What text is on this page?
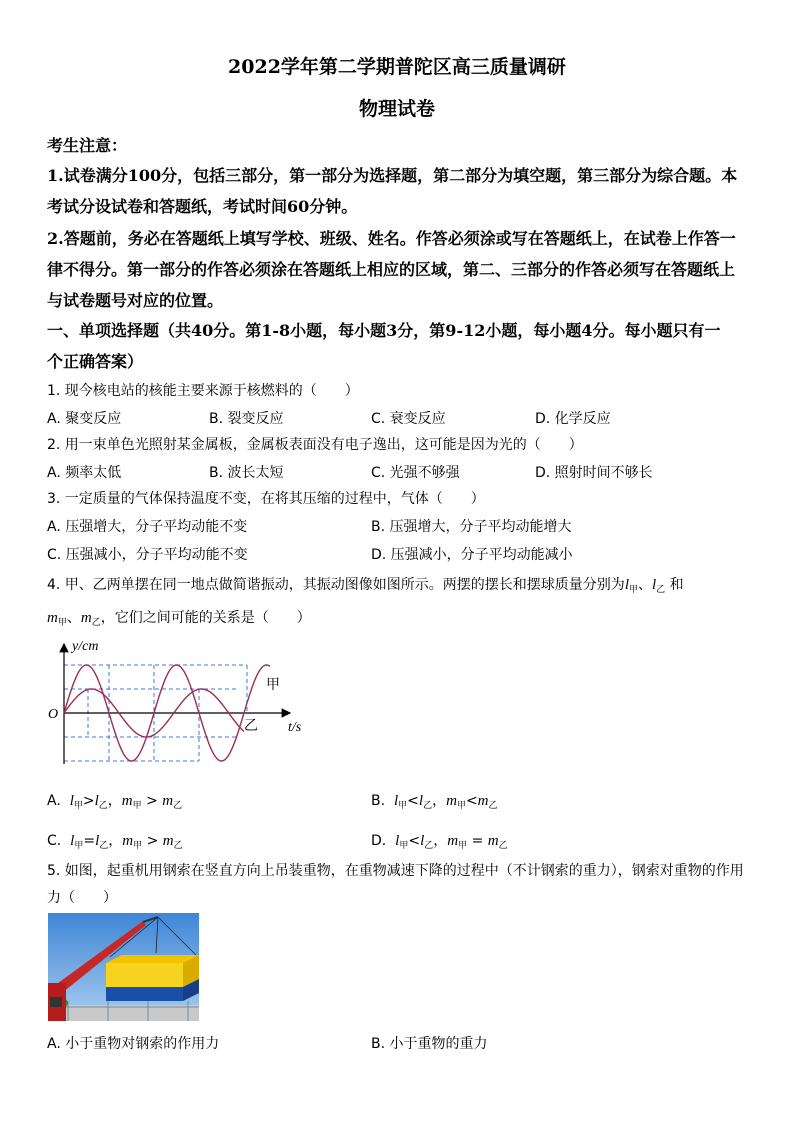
2022学年第二学期普陀区高三质量调研
物理试卷
考生注意：
1.试卷满分100分，包括三部分，第一部分为选择题，第二部分为填空题，第三部分为综合题。本
考试分设试卷和答题纸，考试时间60分钟。
2.答题前，务必在答题纸上填写学校、班级、姓名。作答必须涂或写在答题纸上，在试卷上作答一
律不得分。第一部分的作答必须涂在答题纸上相应的区域，第二、三部分的作答必须写在答题纸上
与试卷题号对应的位置。
一、单项选择题（共40分。第1-8小题，每小题3分，第9-12小题，每小题4分。每小题只有一
个正确答案）
1. 现今核电站的核能主要来源于核燃料的（　　）
A. 聚变反应	B. 裂变反应	C. 衰变反应	D. 化学反应
2. 用一束单色光照射某金属板，金属板表面没有电子逸出，这可能是因为光的（　　）
A. 频率太低	B. 波长太短	C. 光强不够强	D. 照射时间不够长
3. 一定质量的气体保持温度不变，在将其压缩的过程中，气体（　　）
A. 压强增大，分子平均动能不变	B. 压强增大，分子平均动能增大
C. 压强减小，分子平均动能不变	D. 压强减小，分子平均动能减小
4. 甲、乙两单摆在同一地点做简谐振动，其振动图像如图所示。两摆的摆长和摆球质量分别为$l_甲$、$l_乙$ 和
$m_甲$、$m_乙$，它们之间可能的关系是（　　）
y/cm
O
t/s
甲
乙
A. $l_甲>l_乙$，$m_甲 > m_乙$	B. $l_甲<l_乙$，$m_甲<m_乙$
C. $l_甲=l_乙$，$m_甲 > m_乙$	D. $l_甲<l_乙$，$m_甲 = m_乙$
5. 如图，起重机用钢索在竖直方向上吊装重物，在重物减速下降的过程中（不计钢索的重力），钢索对重物的作用
力（　　）
A. 小于重物对钢索的作用力	B. 小于重物的重力
